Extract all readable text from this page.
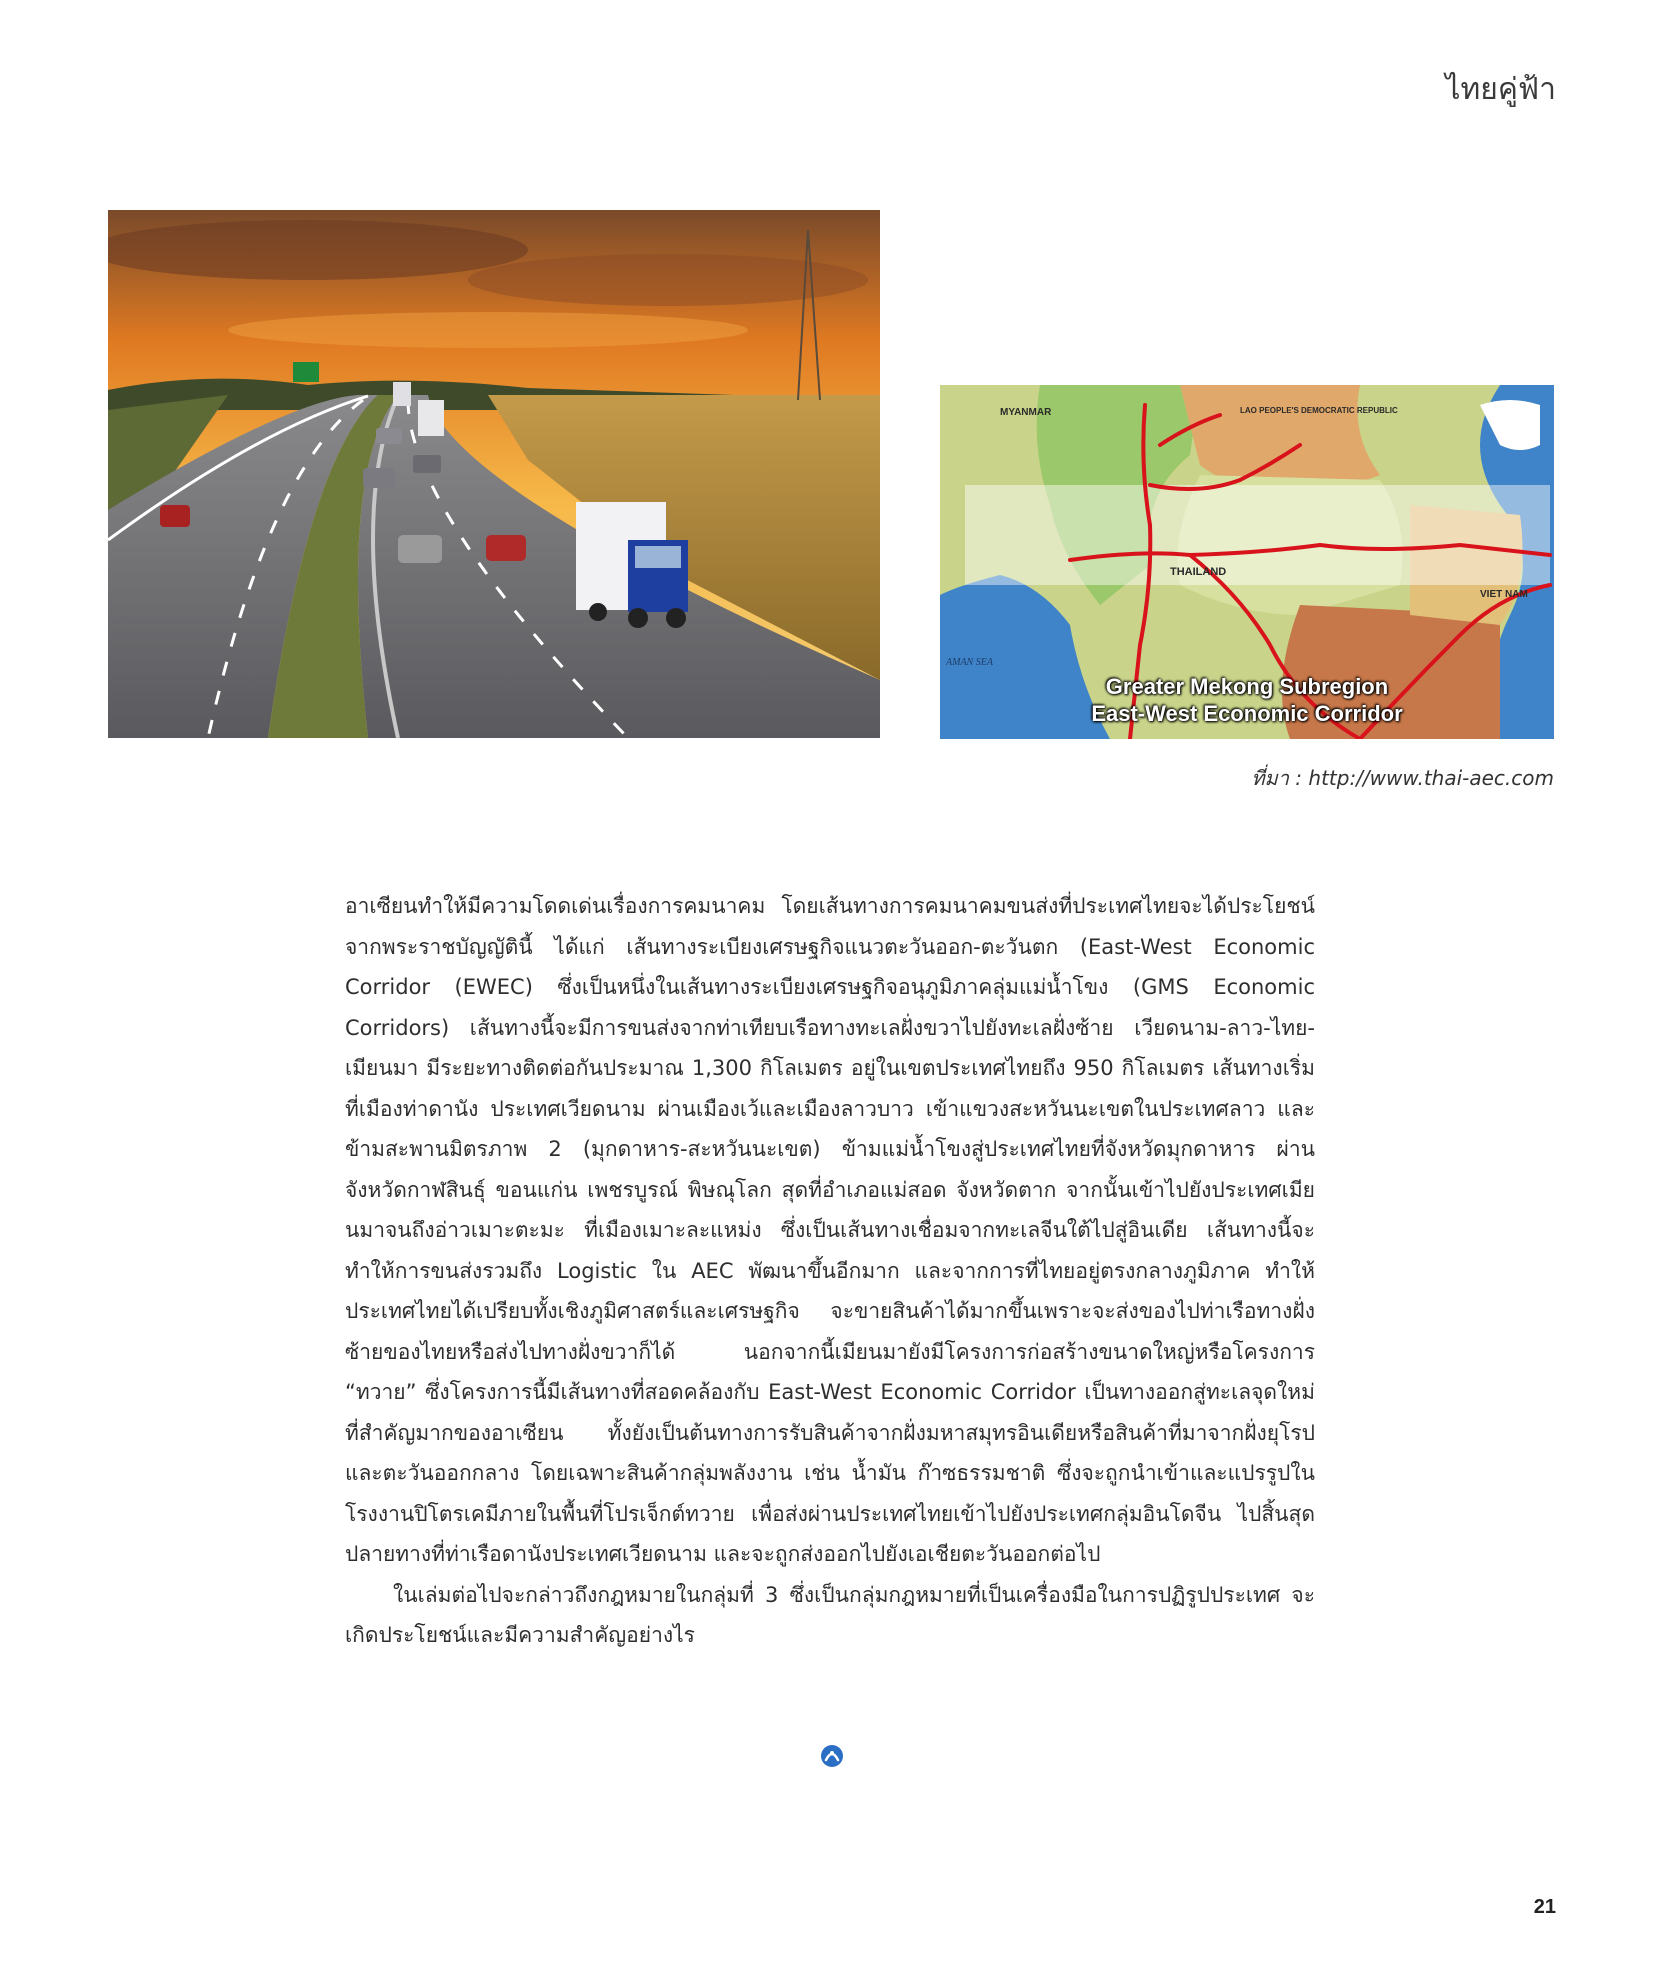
ไทยคู่ฟ้า
MYANMAR	LAO PEOPLE'S DEMOCRATIC REPUBLIC
THAILAND
VIET NAM
AMAN SEA
Greater Mekong Subregion
East-West Economic Corridor
ที่มา : http://www.thai-aec.com

อาเซียนทำให้มีความโดดเด่นเรื่องการคมนาคม โดยเส้นทางการคมนาคมขนส่งที่ประเทศไทยจะได้ประโยชน์จากพระราชบัญญัตินี้ ได้แก่ เส้นทางระเบียงเศรษฐกิจแนวตะวันออก-ตะวันตก (East-West Economic Corridor (EWEC) ซึ่งเป็นหนึ่งในเส้นทางระเบียงเศรษฐกิจอนุภูมิภาคลุ่มแม่น้ำโขง (GMS Economic Corridors) เส้นทางนี้จะมีการขนส่งจากท่าเทียบเรือทางทะเลฝั่งขวาไปยังทะเลฝั่งซ้าย เวียดนาม-ลาว-ไทย-เมียนมา มีระยะทางติดต่อกันประมาณ 1,300 กิโลเมตร อยู่ในเขตประเทศไทยถึง 950 กิโลเมตร เส้นทางเริ่มที่เมืองท่าดานัง ประเทศเวียดนาม ผ่านเมืองเว้และเมืองลาวบาว เข้าแขวงสะหวันนะเขตในประเทศลาว และข้ามสะพานมิตรภาพ 2 (มุกดาหาร-สะหวันนะเขต) ข้ามแม่น้ำโขงสู่ประเทศไทยที่จังหวัดมุกดาหาร ผ่านจังหวัดกาฬสินธุ์ ขอนแก่น เพชรบูรณ์ พิษณุโลก สุดที่อำเภอแม่สอด จังหวัดตาก จากนั้นเข้าไปยังประเทศเมียนมาจนถึงอ่าวเมาะตะมะ ที่เมืองเมาะละแหม่ง ซึ่งเป็นเส้นทางเชื่อมจากทะเลจีนใต้ไปสู่อินเดีย เส้นทางนี้จะทำให้การขนส่งรวมถึง Logistic ใน AEC พัฒนาขึ้นอีกมาก และจากการที่ไทยอยู่ตรงกลางภูมิภาค ทำให้ประเทศไทยได้เปรียบทั้งเชิงภูมิศาสตร์และเศรษฐกิจ จะขายสินค้าได้มากขึ้นเพราะจะส่งของไปท่าเรือทางฝั่งซ้ายของไทยหรือส่งไปทางฝั่งขวาก็ได้ นอกจากนี้เมียนมายังมีโครงการก่อสร้างขนาดใหญ่หรือโครงการ “ทวาย” ซึ่งโครงการนี้มีเส้นทางที่สอดคล้องกับ East-West Economic Corridor เป็นทางออกสู่ทะเลจุดใหม่ที่สำคัญมากของอาเซียน ทั้งยังเป็นต้นทางการรับสินค้าจากฝั่งมหาสมุทรอินเดียหรือสินค้าที่มาจากฝั่งยุโรปและตะวันออกกลาง โดยเฉพาะสินค้ากลุ่มพลังงาน เช่น น้ำมัน ก๊าซธรรมชาติ ซึ่งจะถูกนำเข้าและแปรรูปในโรงงานปิโตรเคมีภายในพื้นที่โปรเจ็กต์ทวาย เพื่อส่งผ่านประเทศไทยเข้าไปยังประเทศกลุ่มอินโดจีน ไปสิ้นสุดปลายทางที่ท่าเรือดานังประเทศเวียดนาม และจะถูกส่งออกไปยังเอเชียตะวันออกต่อไป

ในเล่มต่อไปจะกล่าวถึงกฎหมายในกลุ่มที่ 3 ซึ่งเป็นกลุ่มกฎหมายที่เป็นเครื่องมือในการปฏิรูปประเทศ จะเกิดประโยชน์และมีความสำคัญอย่างไร

21
